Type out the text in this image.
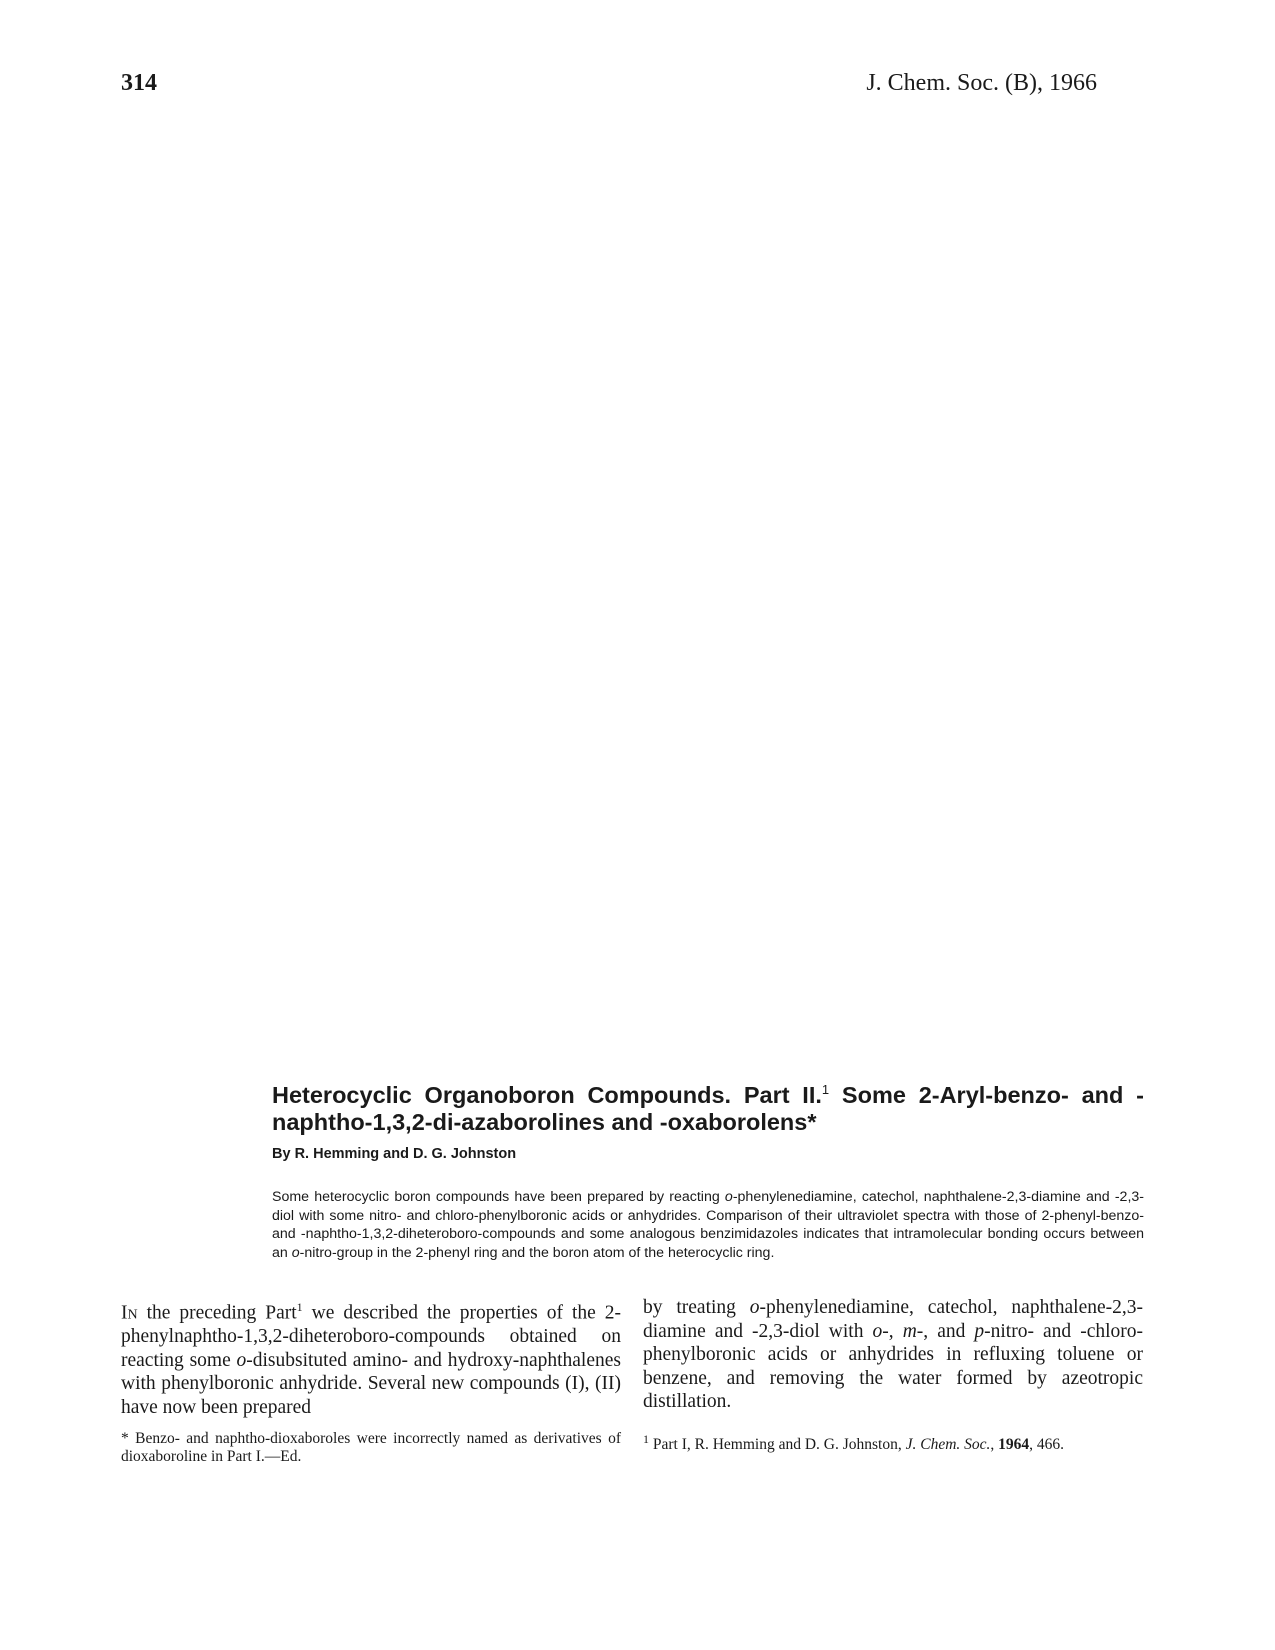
314	J. Chem. Soc. (B), 1966
Heterocyclic Organoboron Compounds. Part II.$^1$ Some 2-Aryl-benzo- and -naphtho-1,3,2-di-azaborolines and -oxaborolens*
By R. Hemming and D. G. Johnston
Some heterocyclic boron compounds have been prepared by reacting o-phenylenediamine, catechol, naphthalene-2,3-diamine and -2,3-diol with some nitro- and chloro-phenylboronic acids or anhydrides. Comparison of their ultraviolet spectra with those of 2-phenyl-benzo- and -naphtho-1,3,2-diheteroboro-compounds and some analogous benzimidazoles indicates that intramolecular bonding occurs between an o-nitro-group in the 2-phenyl ring and the boron atom of the heterocyclic ring.
In the preceding Part$^1$ we described the properties of the 2-phenylnaphtho-1,3,2-diheteroboro-compounds obtained on reacting some o-disubsituted amino- and hydroxy-naphthalenes with phenylboronic anhydride. Several new compounds (I), (II) have now been prepared
by treating o-phenylenediamine, catechol, naphthalene-2,3-diamine and -2,3-diol with o-, m-, and p-nitro- and -chloro-phenylboronic acids or anhydrides in refluxing toluene or benzene, and removing the water formed by azeotropic distillation.
* Benzo- and naphtho-dioxaboroles were incorrectly named as derivatives of dioxaboroline in Part I.—Ed.
$^1$ Part I, R. Hemming and D. G. Johnston, J. Chem. Soc., 1964, 466.
